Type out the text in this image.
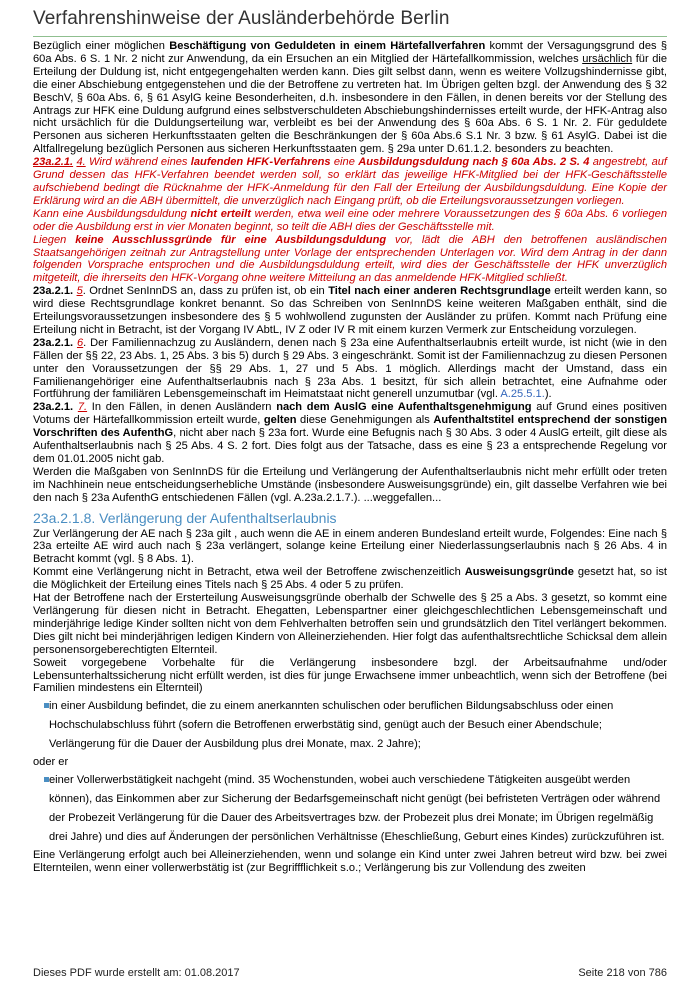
Verfahrenshinweise der Ausländerbehörde Berlin

Bezüglich einer möglichen Beschäftigung von Geduldeten in einem Härtefallverfahren kommt der Versagungsgrund des § 60a Abs. 6 S. 1 Nr. 2 nicht zur Anwendung, da ein Ersuchen an ein Mitglied der Härtefallkommission, welches ursächlich für die Erteilung der Duldung ist, nicht entgegengehalten werden kann. Dies gilt selbst dann, wenn es weitere Vollzugshindernisse gibt, die einer Abschiebung entgegenstehen und die der Betroffene zu vertreten hat. Im Übrigen gelten bzgl. der Anwendung des § 32 BeschV, § 60a Abs. 6, § 61 AsylG keine Besonderheiten, d.h. insbesondere in den Fällen, in denen bereits vor der Stellung des Antrags zur HFK eine Duldung aufgrund eines selbstverschuldeten Abschiebungshindernisses erteilt wurde, der HFK-Antrag also nicht ursächlich für die Duldungserteilung war, verbleibt es bei der Anwendung des § 60a Abs. 6 S. 1 Nr. 2. Für geduldete Personen aus sicheren Herkunftsstaaten gelten die Beschränkungen der § 60a Abs.6 S.1 Nr. 3 bzw. § 61 AsylG. Dabei ist die Altfallregelung bezüglich Personen aus sicheren Herkunftsstaaten gem. § 29a unter D.61.1.2. besonders zu beachten.

23a.2.1. 4. Wird während eines laufenden HFK-Verfahrens eine Ausbildungsduldung nach § 60a Abs. 2 S. 4 angestrebt, auf Grund dessen das HFK-Verfahren beendet werden soll, so erklärt das jeweilige HFK-Mitglied bei der HFK-Geschäftsstelle aufschiebend bedingt die Rücknahme der HFK-Anmeldung für den Fall der Erteilung der Ausbildungsduldung. Eine Kopie der Erklärung wird an die ABH übermittelt, die unverzüglich nach Eingang prüft, ob die Erteilungsvoraussetzungen vorliegen.

Kann eine Ausbildungsduldung nicht erteilt werden, etwa weil eine oder mehrere Voraussetzungen des § 60a Abs. 6 vorliegen oder die Ausbildung erst in vier Monaten beginnt, so teilt die ABH dies der Geschäftsstelle mit.

Liegen keine Ausschlussgründe für eine Ausbildungsduldung vor, lädt die ABH den betroffenen ausländischen Staatsangehörigen zeitnah zur Antragstellung unter Vorlage der entsprechenden Unterlagen vor. Wird dem Antrag in der dann folgenden Vorsprache entsprochen und die Ausbildungsduldung erteilt, wird dies der Geschäftsstelle der HFK unverzüglich mitgeteilt, die ihrerseits den HFK-Vorgang ohne weitere Mitteilung an das anmeldende HFK-Mitglied schließt.

23a.2.1. 5. Ordnet SenInnDS an, dass zu prüfen ist, ob ein Titel nach einer anderen Rechtsgrundlage erteilt werden kann, so wird diese Rechtsgrundlage konkret benannt. So das Schreiben von SenInnDS keine weiteren Maßgaben enthält, sind die Erteilungsvoraussetzungen insbesondere des § 5 wohlwollend zugunsten der Ausländer zu prüfen. Kommt nach Prüfung eine Erteilung nicht in Betracht, ist der Vorgang IV AbtL, IV Z oder IV R mit einem kurzen Vermerk zur Entscheidung vorzulegen.

23a.2.1. 6. Der Familiennachzug zu Ausländern, denen nach § 23a eine Aufenthaltserlaubnis erteilt wurde, ist nicht (wie in den Fällen der §§ 22, 23 Abs. 1, 25 Abs. 3 bis 5) durch § 29 Abs. 3 eingeschränkt. Somit ist der Familiennachzug zu diesen Personen unter den Voraussetzungen der §§ 29 Abs. 1, 27 und 5 Abs. 1 möglich. Allerdings macht der Umstand, dass ein Familienangehöriger eine Aufenthaltserlaubnis nach § 23a Abs. 1 besitzt, für sich allein betrachtet, eine Aufnahme oder Fortführung der familiären Lebensgemeinschaft im Heimatstaat nicht generell unzumutbar (vgl. A.25.5.1.).

23a.2.1. 7. In den Fällen, in denen Ausländern nach dem AuslG eine Aufenthaltsgenehmigung auf Grund eines positiven Votums der Härtefallkommission erteilt wurde, gelten diese Genehmigungen als Aufenthaltstitel entsprechend der sonstigen Vorschriften des AufenthG, nicht aber nach § 23a fort. Wurde eine Befugnis nach § 30 Abs. 3 oder 4 AuslG erteilt, gilt diese als Aufenthaltserlaubnis nach § 25 Abs. 4 S. 2 fort. Dies folgt aus der Tatsache, dass es eine § 23 a entsprechende Regelung vor dem 01.01.2005 nicht gab.

Werden die Maßgaben von SenInnDS für die Erteilung und Verlängerung der Aufenthaltserlaubnis nicht mehr erfüllt oder treten im Nachhinein neue entscheidungserhebliche Umstände (insbesondere Ausweisungsgründe) ein, gilt dasselbe Verfahren wie bei den nach § 23a AufenthG entschiedenen Fällen (vgl. A.23a.2.1.7.). ...weggefallen...

23a.2.1.8. Verlängerung der Aufenthaltserlaubnis

Zur Verlängerung der AE nach § 23a gilt , auch wenn die AE in einem anderen Bundesland erteilt wurde, Folgendes: Eine nach § 23a erteilte AE wird auch nach § 23a verlängert, solange keine Erteilung einer Niederlassungserlaubnis nach § 26 Abs. 4 in Betracht kommt (vgl. § 8 Abs. 1).

Kommt eine Verlängerung nicht in Betracht, etwa weil der Betroffene zwischenzeitlich Ausweisungsgründe gesetzt hat, so ist die Möglichkeit der Erteilung eines Titels nach § 25 Abs. 4 oder 5 zu prüfen.

Hat der Betroffene nach der Ersterteilung Ausweisungsgründe oberhalb der Schwelle des § 25 a Abs. 3 gesetzt, so kommt eine Verlängerung für diesen nicht in Betracht. Ehegatten, Lebenspartner einer gleichgeschlechtlichen Lebensgemeinschaft und minderjährige ledige Kinder sollten nicht von dem Fehlverhalten betroffen sein und grundsätzlich den Titel verlängert bekommen. Dies gilt nicht bei minderjährigen ledigen Kindern von Alleinerziehenden. Hier folgt das aufenthaltsrechtliche Schicksal dem allein personensorgeberechtigten Elternteil.

Soweit vorgegebene Vorbehalte für die Verlängerung insbesondere bzgl. der Arbeitsaufnahme und/oder Lebensunterhaltssicherung nicht erfüllt werden, ist dies für junge Erwachsene immer unbeachtlich, wenn sich der Betroffene (bei Familien mindestens ein Elternteil)

in einer Ausbildung befindet, die zu einem anerkannten schulischen oder beruflichen Bildungsabschluss oder einen Hochschulabschluss führt (sofern die Betroffenen erwerbstätig sind, genügt auch der Besuch einer Abendschule; Verlängerung für die Dauer der Ausbildung plus drei Monate, max. 2 Jahre);

oder er

einer Vollerwerbstätigkeit nachgeht (mind. 35 Wochenstunden, wobei auch verschiedene Tätigkeiten ausgeübt werden können), das Einkommen aber zur Sicherung der Bedarfsgemeinschaft nicht genügt (bei befristeten Verträgen oder während der Probezeit Verlängerung für die Dauer des Arbeitsvertrages bzw. der Probezeit plus drei Monate; im Übrigen regelmäßig drei Jahre) und dies auf Änderungen der persönlichen Verhältnisse (Eheschließung, Geburt eines Kindes) zurückzuführen ist.

Eine Verlängerung erfolgt auch bei Alleinerziehenden, wenn und solange ein Kind unter zwei Jahren betreut wird bzw. bei zwei Elternteilen, wenn einer vollerwerbstätig ist (zur Begriffflichkeit s.o.; Verlängerung bis zur Vollendung des zweiten

Dieses PDF wurde erstellt am: 01.08.2017	Seite 218 von 786
